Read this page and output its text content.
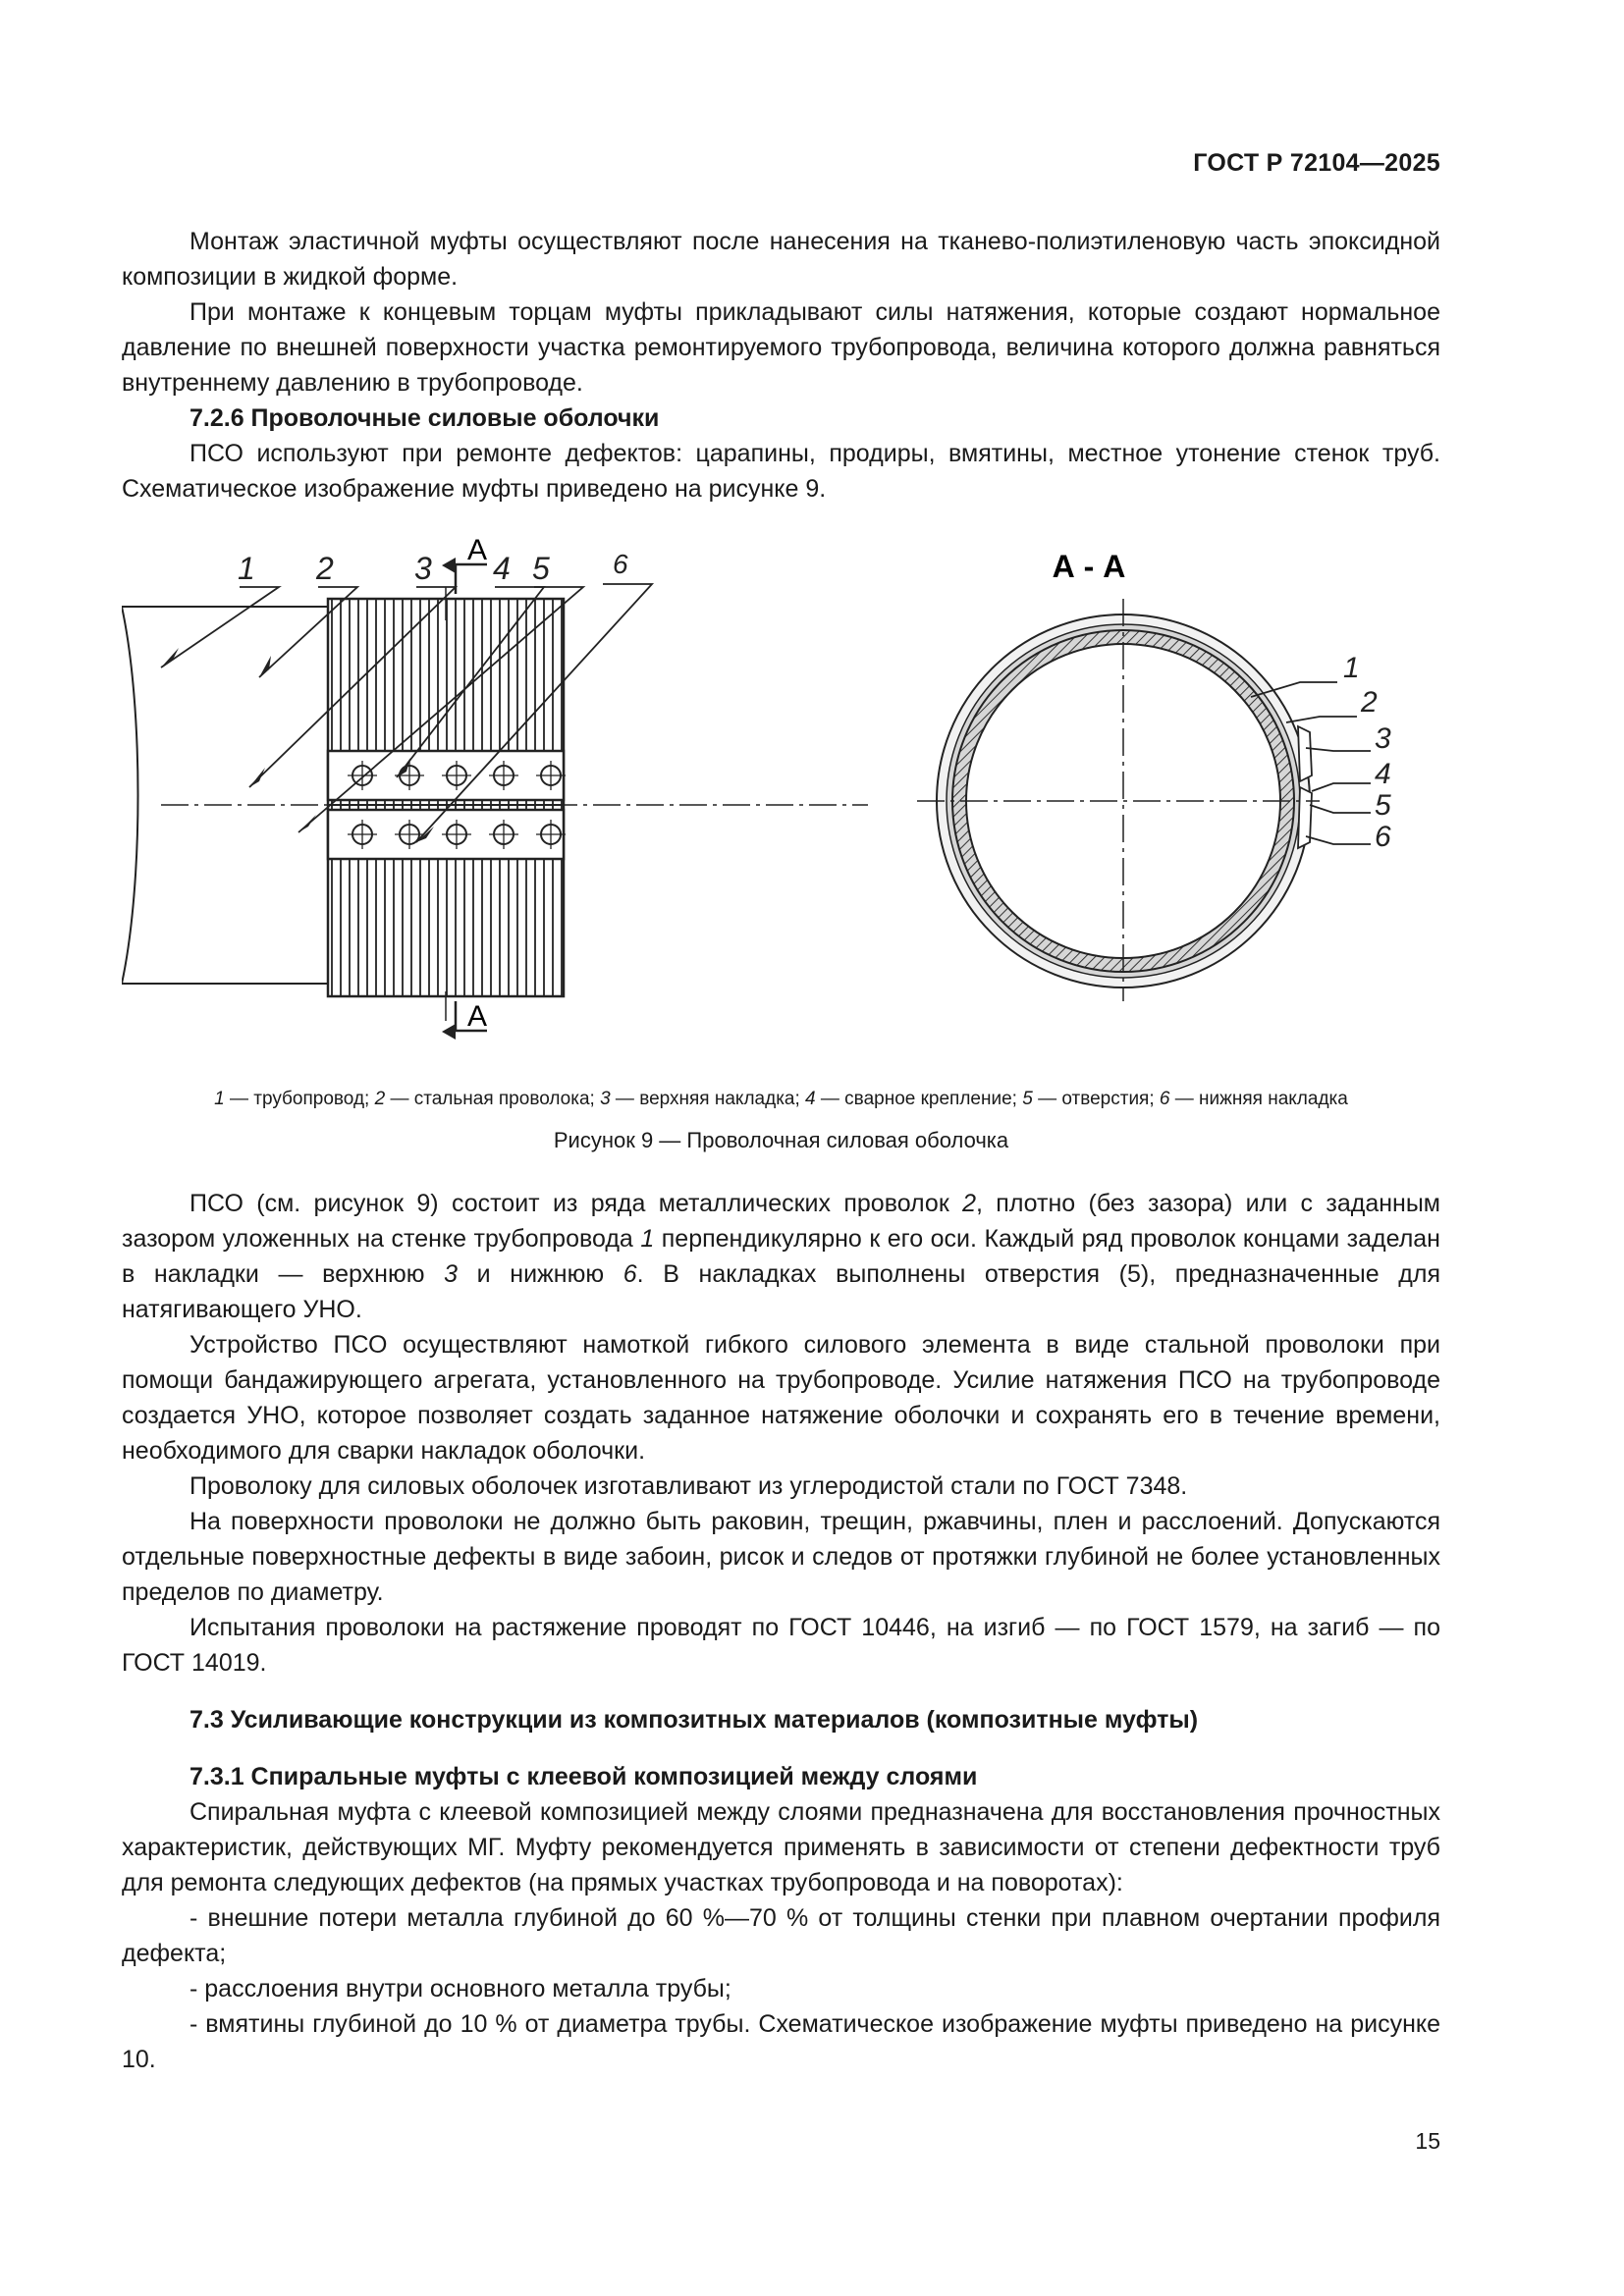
ГОСТ Р 72104—2025

Монтаж эластичной муфты осуществляют после нанесения на тканево-полиэтиленовую часть эпоксидной композиции в жидкой форме.

При монтаже к концевым торцам муфты прикладывают силы натяжения, которые создают нормальное давление по внешней поверхности участка ремонтируемого трубопровода, величина которого должна равняться внутреннему давлению в трубопроводе.

7.2.6 Проволочные силовые оболочки

ПСО используют при ремонте дефектов: царапины, продиры, вмятины, местное утонение стенок труб. Схематическое изображение муфты приведено на рисунке 9.

А
А
1 2	3 4 5 6	А - А
1
2
3
4
5
6
1 — трубопровод; 2 — стальная проволока; 3 — верхняя накладка; 4 — сварное крепление; 5 — отверстия; 6 — нижняя накладка
Рисунок 9 — Проволочная силовая оболочка

ПСО (см. рисунок 9) состоит из ряда металлических проволок 2, плотно (без зазора) или с заданным зазором уложенных на стенке трубопровода 1 перпендикулярно к его оси. Каждый ряд проволок концами заделан в накладки — верхнюю 3 и нижнюю 6. В накладках выполнены отверстия (5), предназначенные для натягивающего УНО.

Устройство ПСО осуществляют намоткой гибкого силового элемента в виде стальной проволоки при помощи бандажирующего агрегата, установленного на трубопроводе. Усилие натяжения ПСО на трубопроводе создается УНО, которое позволяет создать заданное натяжение оболочки и сохранять его в течение времени, необходимого для сварки накладок оболочки.

Проволоку для силовых оболочек изготавливают из углеродистой стали по ГОСТ 7348.

На поверхности проволоки не должно быть раковин, трещин, ржавчины, плен и расслоений. Допускаются отдельные поверхностные дефекты в виде забоин, рисок и следов от протяжки глубиной не более установленных пределов по диаметру.

Испытания проволоки на растяжение проводят по ГОСТ 10446, на изгиб — по ГОСТ 1579, на загиб — по ГОСТ 14019.

7.3 Усиливающие конструкции из композитных материалов (композитные муфты)

7.3.1 Спиральные муфты с клеевой композицией между слоями

Спиральная муфта с клеевой композицией между слоями предназначена для восстановления прочностных характеристик, действующих МГ. Муфту рекомендуется применять в зависимости от степени дефектности труб для ремонта следующих дефектов (на прямых участках трубопровода и на поворотах):

- внешние потери металла глубиной до 60 %—70 % от толщины стенки при плавном очертании профиля дефекта;

- расслоения внутри основного металла трубы;

- вмятины глубиной до 10 % от диаметра трубы. Схематическое изображение муфты приведено на рисунке 10.

15
